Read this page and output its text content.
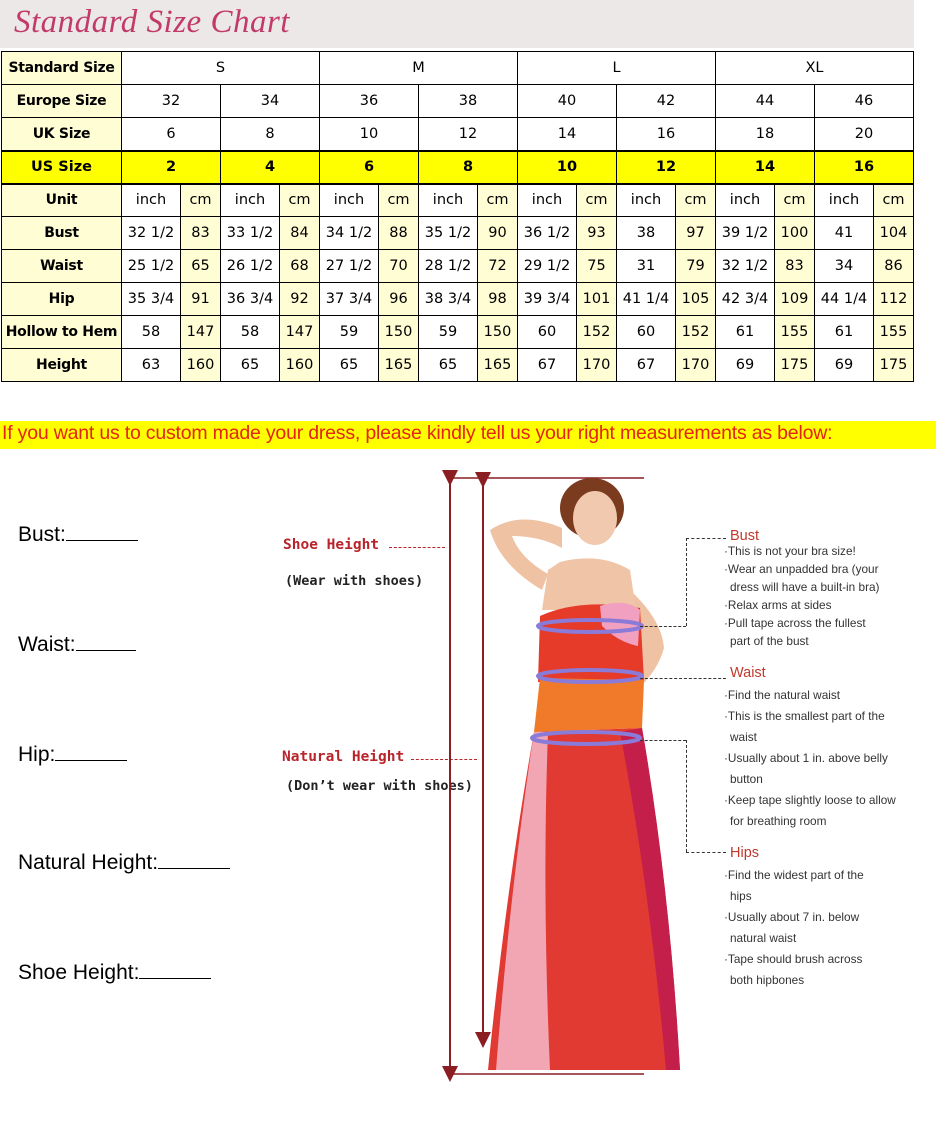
Standard Size Chart
Standard Size	S				M				L				XL			
Europe Size	32		34		36		38		40		42		44		46	
UK Size	6		8		10		12		14		16		18		20	
US Size	2		4		6		8		10		12		14		16	
Unit	inch	cm	inch	cm	inch	cm	inch	cm	inch	cm	inch	cm	inch	cm	inch	cm
Bust	32 1/2	83	33 1/2	84	34 1/2	88	35 1/2	90	36 1/2	93	38	97	39 1/2	100	41	104
Waist	25 1/2	65	26 1/2	68	27 1/2	70	28 1/2	72	29 1/2	75	31	79	32 1/2	83	34	86
Hip	35 3/4	91	36 3/4	92	37 3/4	96	38 3/4	98	39 3/4	101	41 1/4	105	42 3/4	109	44 1/4	112
Hollow to Hem	58	147	58	147	59	150	59	150	60	152	60	152	61	155	61	155
Height	63	160	65	160	65	165	65	165	67	170	67	170	69	175	69	175
If you want us to custom made your dress, please kindly tell us your right measurements as below:
Bust:
Waist:
Hip:
Natural Height:
Shoe Height:
Shoe Height
(Wear with shoes)
Natural Height
(Don’t wear with shoes)
Bust
·This is not your bra size!
·Wear an unpadded bra (your
dress will have a built-in bra)
·Relax arms at sides
·Pull tape across the fullest
part of the bust
Waist
·Find the natural waist
·This is the smallest part of the
waist
·Usually about 1 in. above belly
button
·Keep tape slightly loose to allow
for breathing room
Hips
·Find the widest part of the
hips
·Usually about 7 in. below
natural waist
·Tape should brush across
both hipbones
